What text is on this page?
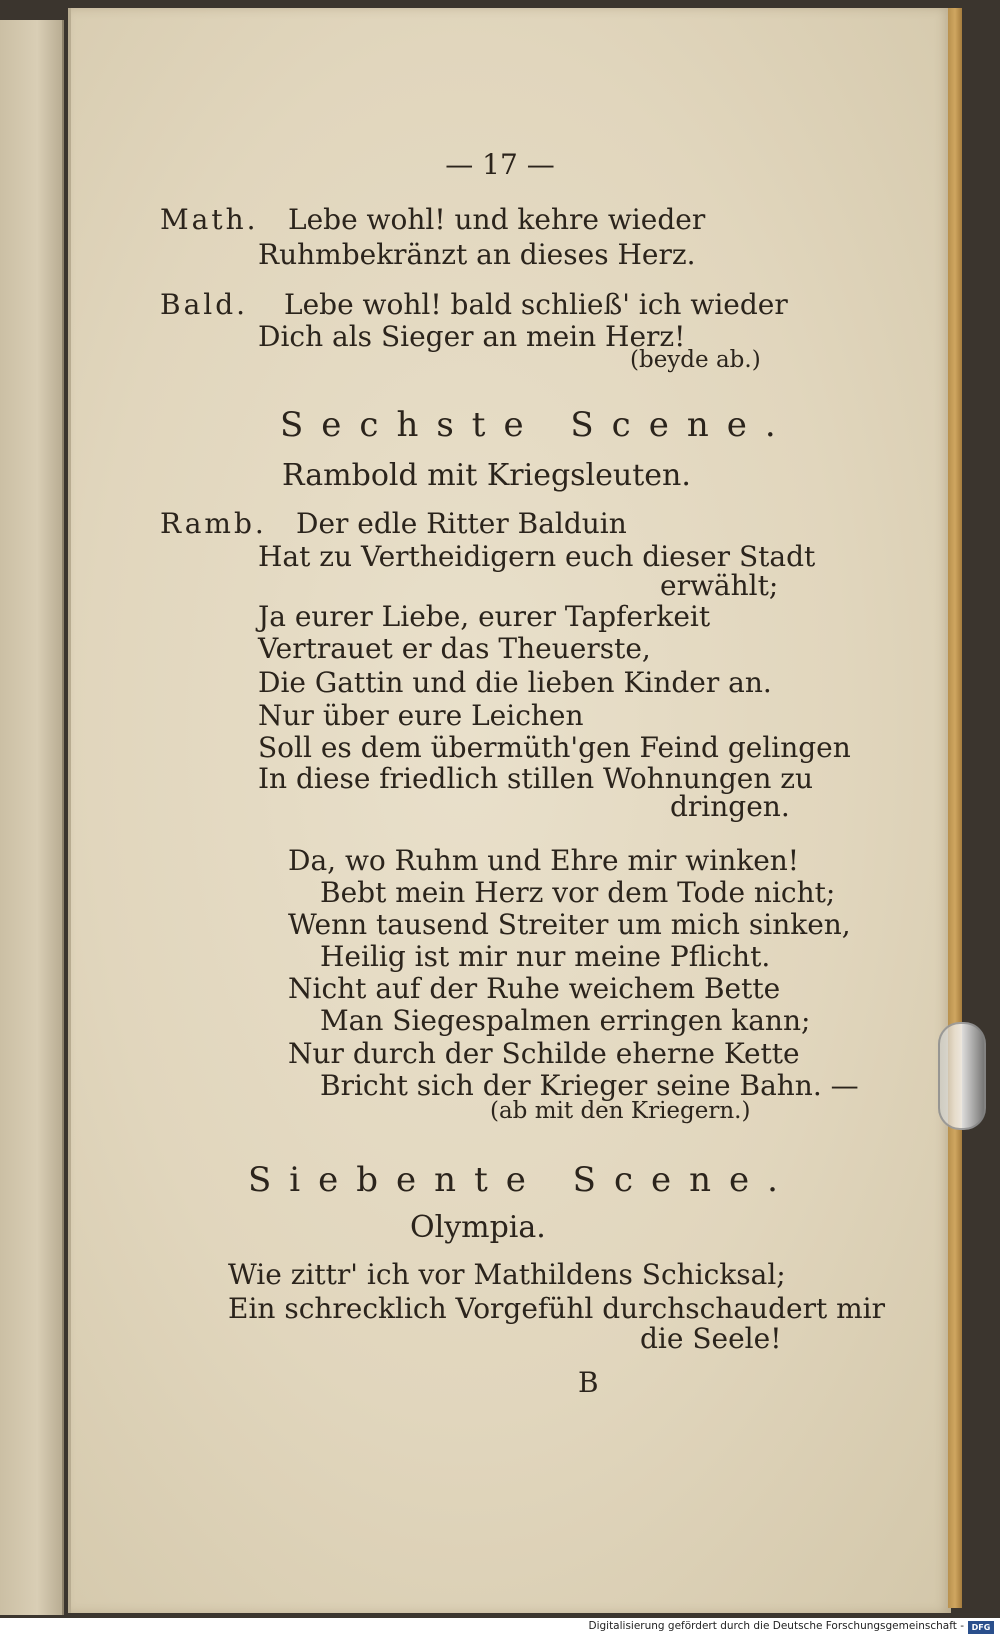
— 17 —
Math. Lebe wohl! und kehre wieder
Ruhmbekränzt an dieses Herz.
Bald. Lebe wohl! bald schließ' ich wieder
Dich als Sieger an mein Herz!
(beyde ab.)
Sechste Scene.
Rambold mit Kriegsleuten.
Ramb. Der edle Ritter Balduin
Hat zu Vertheidigern euch dieser Stadt
erwählt;
Ja eurer Liebe, eurer Tapferkeit
Vertrauet er das Theuerste,
Die Gattin und die lieben Kinder an.
Nur über eure Leichen
Soll es dem übermüth'gen Feind gelingen
In diese friedlich stillen Wohnungen zu
dringen.
Da, wo Ruhm und Ehre mir winken!
Bebt mein Herz vor dem Tode nicht;
Wenn tausend Streiter um mich sinken,
Heilig ist mir nur meine Pflicht.
Nicht auf der Ruhe weichem Bette
Man Siegespalmen erringen kann;
Nur durch der Schilde eherne Kette
Bricht sich der Krieger seine Bahn. —
(ab mit den Kriegern.)
Siebente Scene.
Olympia.
Wie zittr' ich vor Mathildens Schicksal;
Ein schrecklich Vorgefühl durchschaudert mir
die Seele!
B
Digitalisierung gefördert durch die Deutsche Forschungsgemeinschaft - DFG
